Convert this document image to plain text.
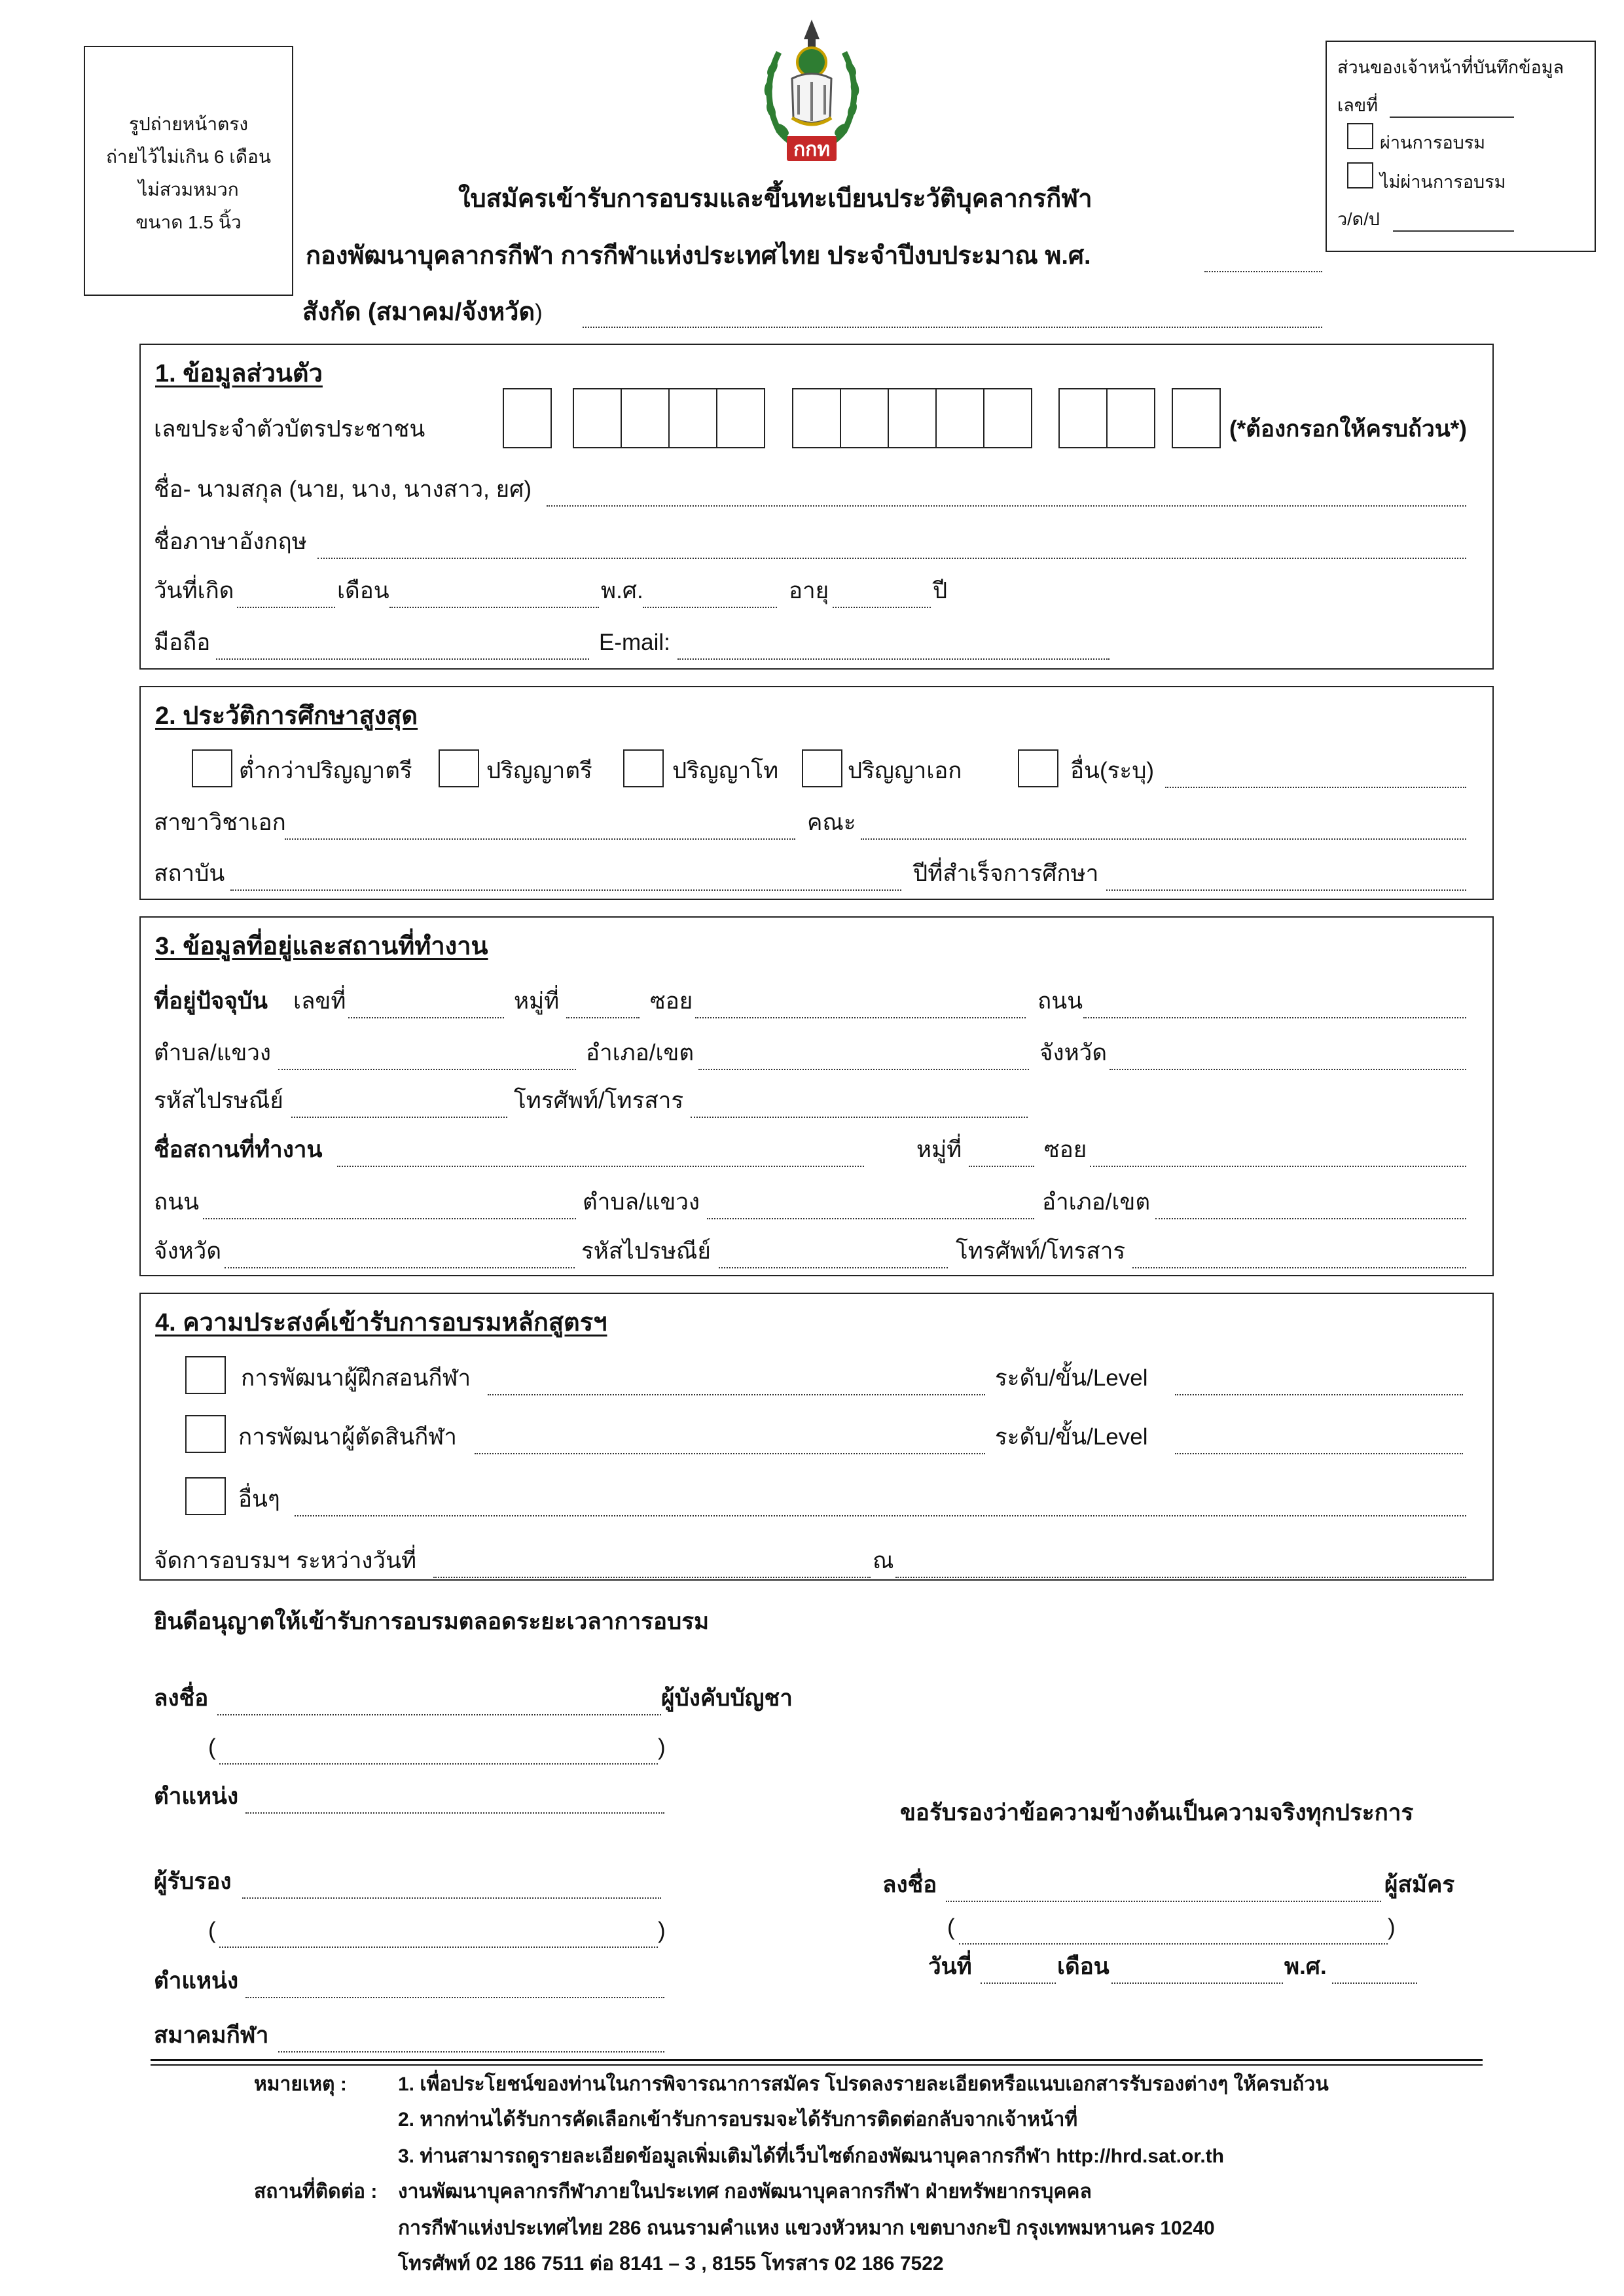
รูปถ่ายหน้าตรง
ถ่ายไว้ไม่เกิน 6 เดือน
ไม่สวมหมวก
ขนาด 1.5 นิ้ว
กกท
ส่วนของเจ้าหน้าที่บันทึกข้อมูล
เลขที่
ผ่านการอบรม
ไม่ผ่านการอบรม
ว/ด/ป
ใบสมัครเข้ารับการอบรมและขึ้นทะเบียนประวัติบุคลากรกีฬา
กองพัฒนาบุคลากรกีฬา การกีฬาแห่งประเทศไทย ประจำปีงบประมาณ พ.ศ.
สังกัด (สมาคม/จังหวัด)
1. ข้อมูลส่วนตัว
เลขประจำตัวบัตรประชาชน	(*ต้องกรอกให้ครบถ้วน*)
ชื่อ- นามสกุล (นาย, นาง, นางสาว, ยศ)
ชื่อภาษาอังกฤษ
วันที่เกิด	เดือน	พ.ศ.	อายุ	ปี
มือถือ	E-mail:
2. ประวัติการศึกษาสูงสุด
ต่ำกว่าปริญญาตรี	ปริญญาตรี	ปริญญาโท	ปริญญาเอก	อื่น(ระบุ)
สาขาวิชาเอก	คณะ
สถาบัน	ปีที่สำเร็จการศึกษา
3. ข้อมูลที่อยู่และสถานที่ทำงาน
ที่อยู่ปัจจุบัน เลขที่	หมู่ที่	ซอย	ถนน
ตำบล/แขวง	อำเภอ/เขต	จังหวัด
รหัสไปรษณีย์	โทรศัพท์/โทรสาร
ชื่อสถานที่ทำงาน	หมู่ที่	ซอย
ถนน	ตำบล/แขวง	อำเภอ/เขต
จังหวัด	รหัสไปรษณีย์	โทรศัพท์/โทรสาร
4. ความประสงค์เข้ารับการอบรมหลักสูตรฯ
การพัฒนาผู้ฝึกสอนกีฬา	ระดับ/ขั้น/Level
การพัฒนาผู้ตัดสินกีฬา	ระดับ/ขั้น/Level
อื่นๆ
จัดการอบรมฯ ระหว่างวันที่	ณ
ยินดีอนุญาตให้เข้ารับการอบรมตลอดระยะเวลาการอบรม
ลงชื่อ	ผู้บังคับบัญชา
(	)
ตำแหน่ง
ผู้รับรอง
(	)
ตำแหน่ง
สมาคมกีฬา
ขอรับรองว่าข้อความข้างต้นเป็นความจริงทุกประการ
ลงชื่อ	ผู้สมัคร
(	)
วันที่	เดือน	พ.ศ.
หมายเหตุ :	1. เพื่อประโยชน์ของท่านในการพิจารณาการสมัคร โปรดลงรายละเอียดหรือแนบเอกสารรับรองต่างๆ ให้ครบถ้วน
2. หากท่านได้รับการคัดเลือกเข้ารับการอบรมจะได้รับการติดต่อกลับจากเจ้าหน้าที่
3. ท่านสามารถดูรายละเอียดข้อมูลเพิ่มเติมได้ที่เว็บไซต์กองพัฒนาบุคลากรกีฬา http://hrd.sat.or.th
สถานที่ติดต่อ : งานพัฒนาบุคลากรกีฬาภายในประเทศ กองพัฒนาบุคลากรกีฬา ฝ่ายทรัพยากรบุคคล
การกีฬาแห่งประเทศไทย 286 ถนนรามคำแหง แขวงหัวหมาก เขตบางกะปิ กรุงเทพมหานคร 10240
โทรศัพท์ 02 186 7511 ต่อ 8141 – 3 , 8155 โทรสาร 02 186 7522
